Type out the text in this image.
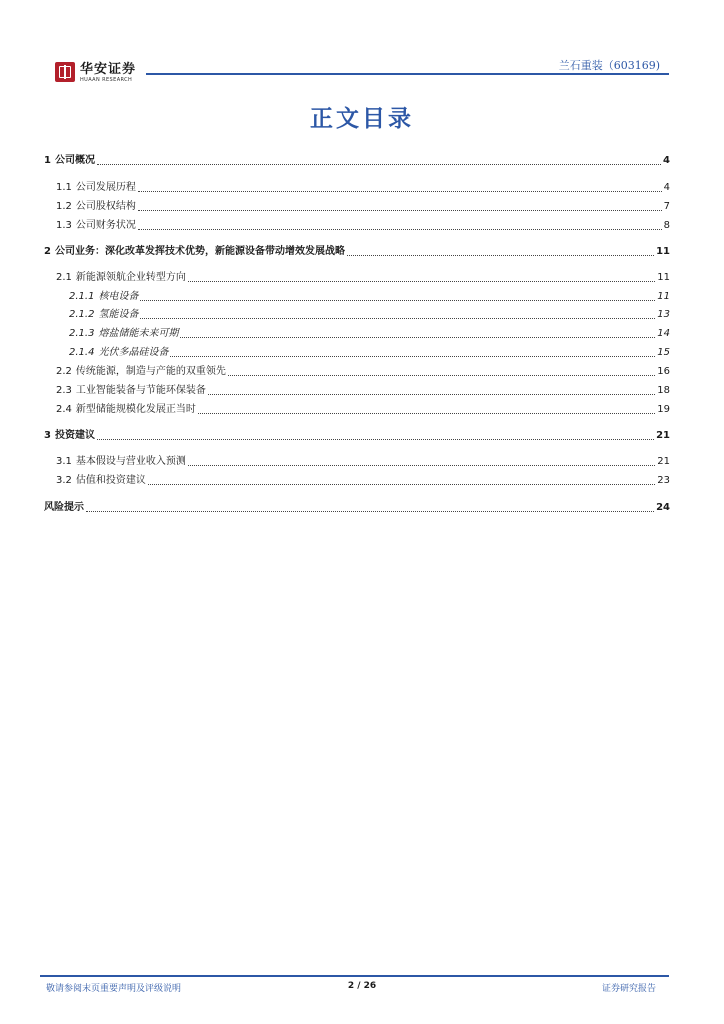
华安证券
HUAAN RESEARCH
兰石重装（603169)
正文目录
1 公司概况	4
1.1 公司发展历程	4
1.2 公司股权结构	7
1.3 公司财务状况	8
2 公司业务：深化改革发挥技术优势，新能源设备带动增效发展战略	11
2.1 新能源领航企业转型方向	11
2.1.1 核电设备	11
2.1.2 氢能设备	13
2.1.3 熔盐储能未来可期	14
2.1.4 光伏多晶硅设备	15
2.2 传统能源，制造与产能的双重领先	16
2.3 工业智能装备与节能环保装备	18
2.4 新型储能规模化发展正当时	19
3 投资建议	21
3.1 基本假设与营业收入预测	21
3.2 估值和投资建议	23
风险提示	24
敬请参阅末页重要声明及评级说明	2 / 26	证券研究报告
